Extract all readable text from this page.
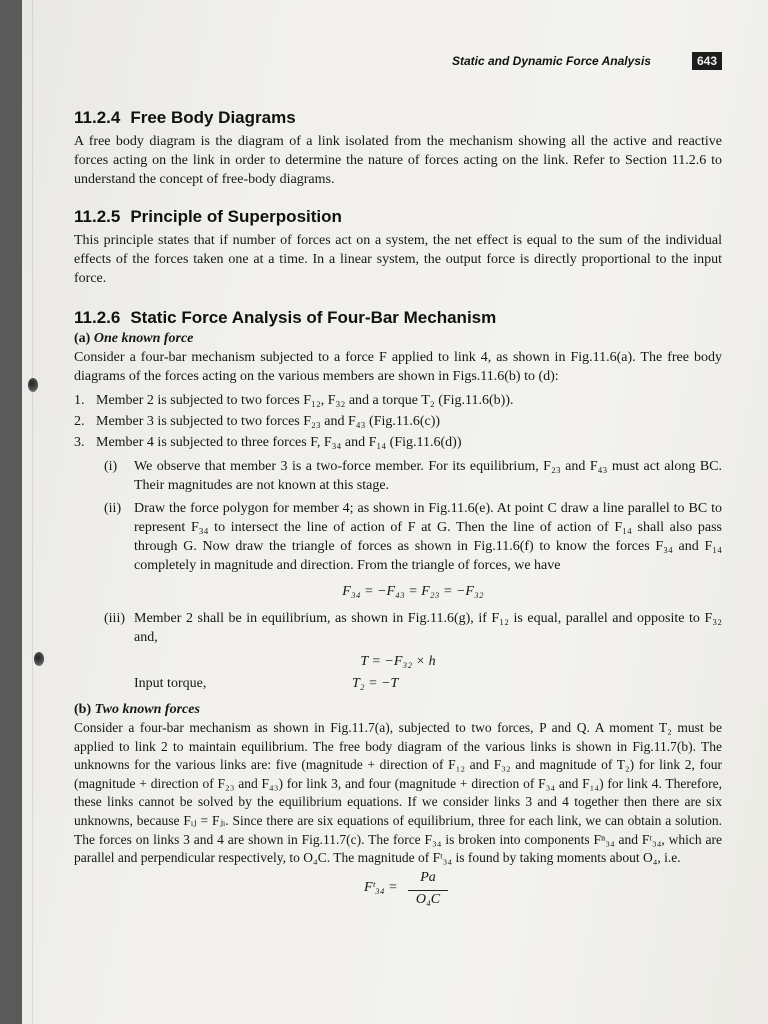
Static and Dynamic Force Analysis	643
11.2.4 Free Body Diagrams

A free body diagram is the diagram of a link isolated from the mechanism showing all the active and reactive forces acting on the link in order to determine the nature of forces acting on the link. Refer to Section 11.2.6 to understand the concept of free-body diagrams.

11.2.5 Principle of Superposition

This principle states that if number of forces act on a system, the net effect is equal to the sum of the individual effects of the forces taken one at a time. In a linear system, the output force is directly proportional to the input force.

11.2.6 Static Force Analysis of Four-Bar Mechanism
(a) One known force

Consider a four-bar mechanism subjected to a force F applied to link 4, as shown in Fig.11.6(a). The free body diagrams of the forces acting on the various members are shown in Figs.11.6(b) to (d):

1. Member 2 is subjected to two forces F₁₂, F₃₂ and a torque T₂ (Fig.11.6(b)).
2. Member 3 is subjected to two forces F₂₃ and F₄₃ (Fig.11.6(c))
3. Member 4 is subjected to three forces F, F₃₄ and F₁₄ (Fig.11.6(d))
(i) We observe that member 3 is a two-force member. For its equilibrium, F₂₃ and F₄₃ must act along BC. Their magnitudes are not known at this stage.
(ii) Draw the force polygon for member 4; as shown in Fig.11.6(e). At point C draw a line parallel to BC to represent F₃₄ to intersect the line of action of F at G. Then the line of action of F₁₄ shall also pass through G. Now draw the triangle of forces as shown in Fig.11.6(f) to know the forces F₃₄ and F₁₄ completely in magnitude and direction. From the triangle of forces, we have
F₃₄ = −F₄₃ = F₂₃ = −F₃₂
(iii) Member 2 shall be in equilibrium, as shown in Fig.11.6(g), if F₁₂ is equal, parallel and opposite to F₃₂ and,
T = −F₃₂ × h
Input torque,	T₂ = −T
(b) Two known forces

Consider a four-bar mechanism as shown in Fig.11.7(a), subjected to two forces, P and Q. A moment T₂ must be applied to link 2 to maintain equilibrium. The free body diagram of the various links is shown in Fig.11.7(b). The unknowns for the various links are: five (magnitude + direction of F₁₂ and F₃₂ and magnitude of T₂) for link 2, four (magnitude + direction of F₂₃ and F₄₃) for link 3, and four (magnitude + direction of F₃₄ and F₁₄) for link 4. Therefore, these links cannot be solved by the equilibrium equations. If we consider links 3 and 4 together then there are six unknowns, because Fᵢⱼ = Fⱼᵢ. Since there are six equations of equilibrium, three for each link, we can obtain a solution. The forces on links 3 and 4 are shown in Fig.11.7(c). The force F₃₄ is broken into components Fⁿ₃₄ and Fᵗ₃₄, which are parallel and perpendicular respectively, to O₄C. The magnitude of Fᵗ₃₄ is found by taking moments about O₄, i.e.

Fᵗ₃₄ =
Pa
O₄C
